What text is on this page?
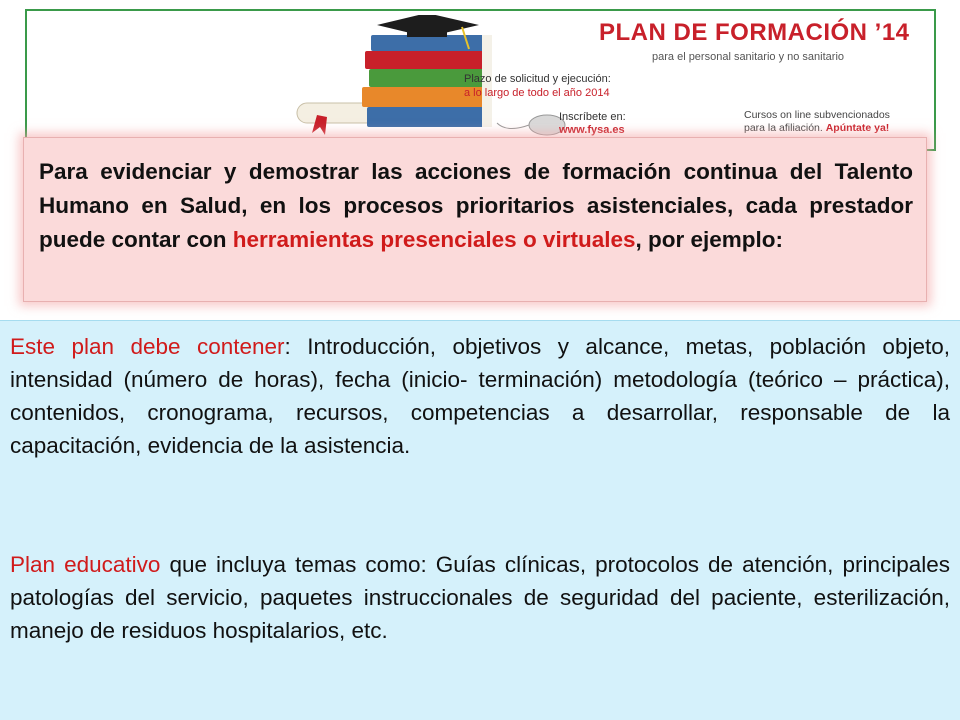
PLAN DE FORMACIÓN ’14
para el personal sanitario y no sanitario
Plazo de solicitud y ejecución:
a lo largo de todo el año 2014
Inscríbete en:
www.fysa.es
Cursos on line subvencionados
para la afiliación. Apúntate ya!
Para evidenciar y demostrar las acciones de formación continua del Talento Humano en Salud, en los procesos prioritarios asistenciales, cada prestador puede contar con herramientas presenciales o virtuales, por ejemplo:

Este plan debe contener: Introducción, objetivos y alcance, metas, población objeto, intensidad (número de horas), fecha (inicio- terminación) metodología (teórico – práctica), contenidos, cronograma, recursos, competencias a desarrollar, responsable de la capacitación, evidencia de la asistencia.

Plan educativo que incluya temas como: Guías clínicas, protocolos de atención, principales patologías del servicio, paquetes instruccionales de seguridad del paciente, esterilización, manejo de residuos hospitalarios, etc.
